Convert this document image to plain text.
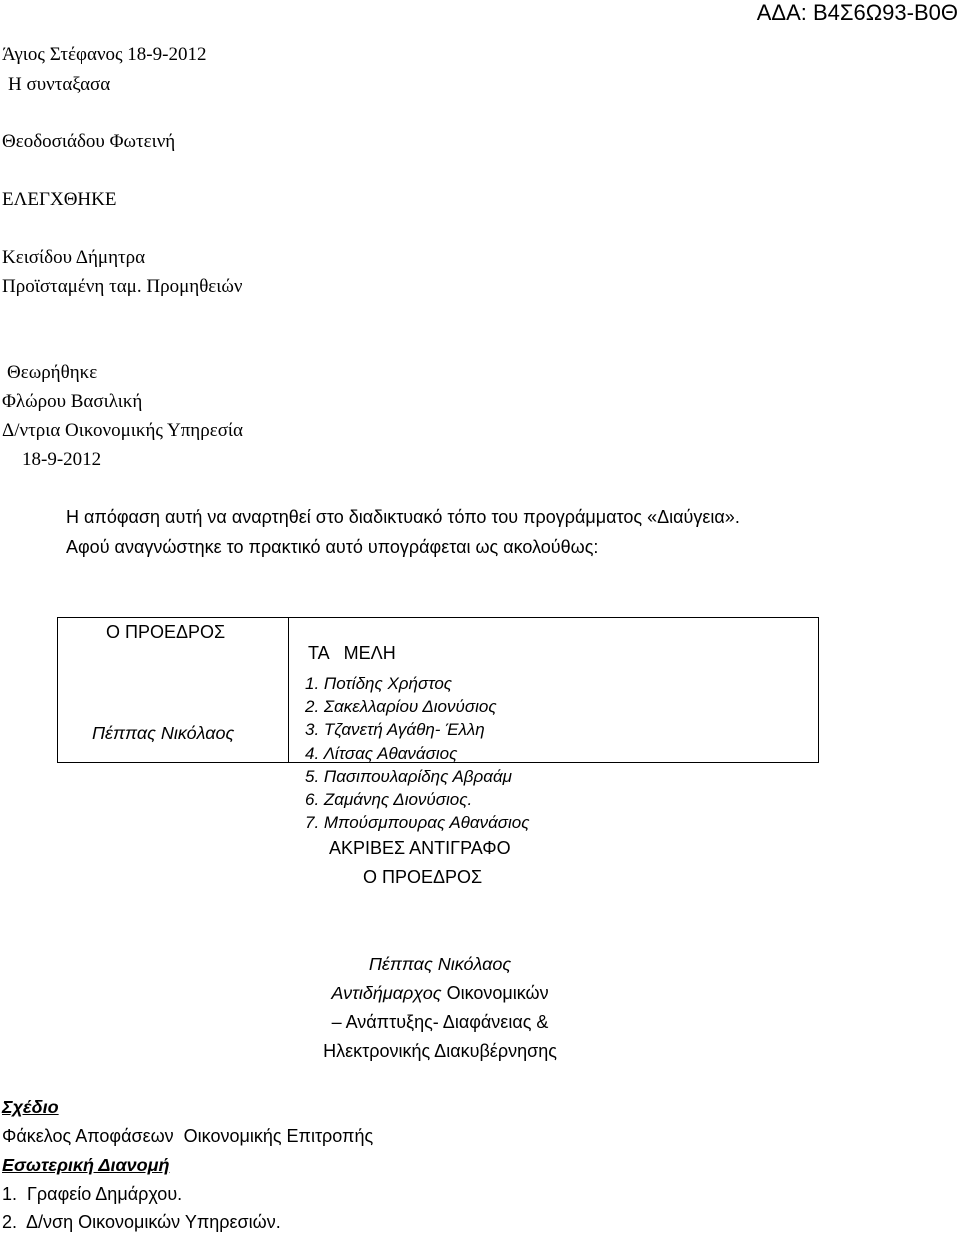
ΑΔΑ: Β4Σ6Ω93-Β0Θ
Άγιος Στέφανος 18-9-2012
Η συνταξασα
Θεοδοσιάδου Φωτεινή
ΕΛΕΓΧΘΗΚΕ
Κεισίδου Δήμητρα
Προϊσταμένη ταμ. Προμηθειών
Θεωρήθηκε
Φλώρου Βασιλική
Δ/ντρια Οικονομικής Υπηρεσία
18-9-2012
Η απόφαση αυτή να αναρτηθεί στο διαδικτυακό τόπο του προγράμματος «Διαύγεια».
Αφού αναγνώστηκε το πρακτικό αυτό υπογράφεται ως ακολούθως:
Ο ΠΡΟΕΔΡΟΣ
Πέππας Νικόλαος
ΤΑ   ΜΕΛΗ
1. Ποτίδης Χρήστος
2. Σακελλαρίου Διονύσιος
3. Τζανετή Αγάθη- Έλλη
4. Λίτσας Αθανάσιος
5. Πασιπουλαρίδης Αβραάμ
6. Ζαμάνης Διονύσιος.
7. Μπούσμπουρας Αθανάσιος
ΑΚΡΙΒΕΣ ΑΝΤΙΓΡΑΦΟ
Ο ΠΡΟΕΔΡΟΣ
Πέππας Νικόλαος
Αντιδήμαρχος Οικονομικών
– Ανάπτυξης- Διαφάνειας &
Ηλεκτρονικής Διακυβέρνησης
Σχέδιο
Φάκελος Αποφάσεων  Οικονομικής Επιτροπής
Εσωτερική Διανομή
1.  Γραφείο Δημάρχου.
2.  Δ/νση Οικονομικών Υπηρεσιών.
